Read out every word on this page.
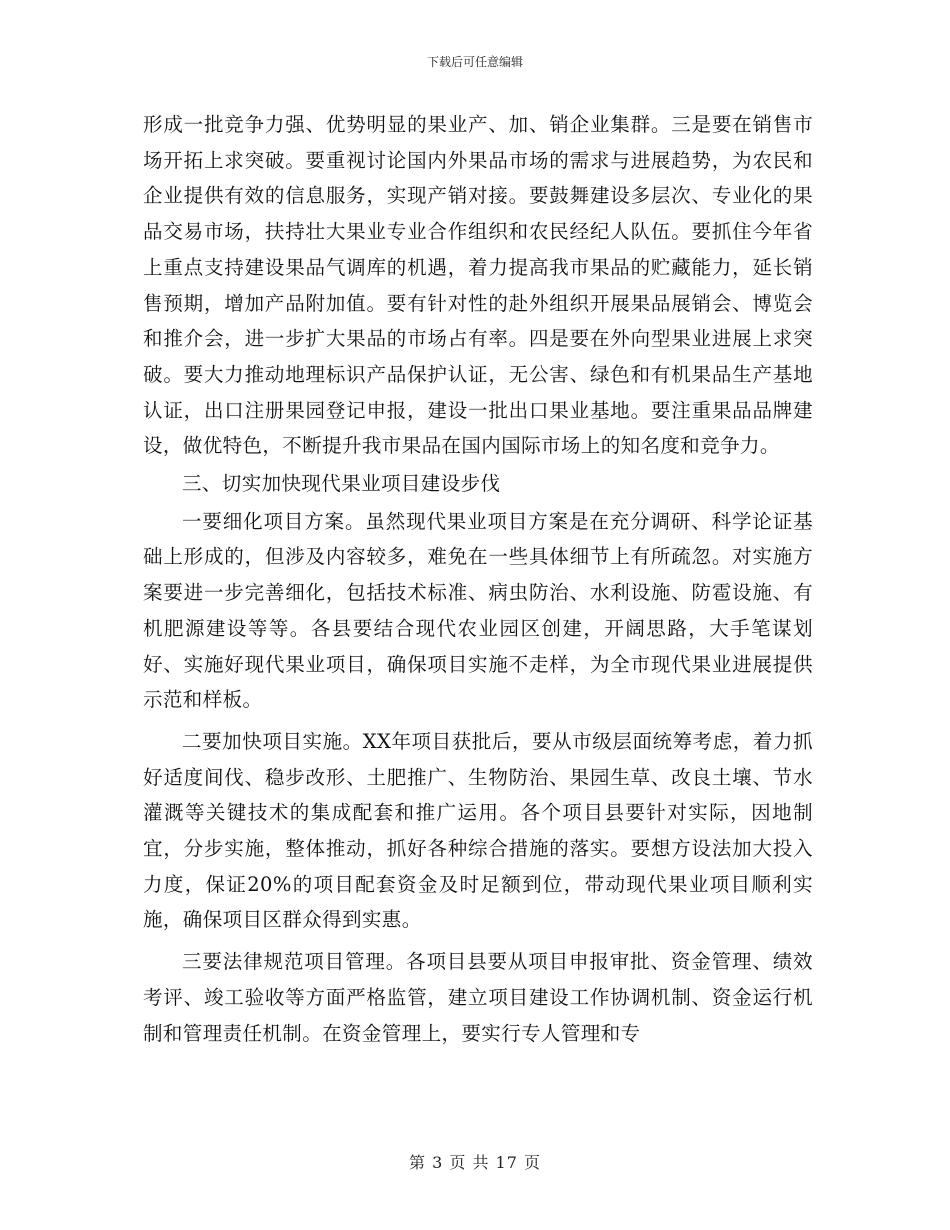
下载后可任意编辑

形成一批竞争力强、优势明显的果业产、加、销企业集群。三是要在销售市场开拓上求突破。要重视讨论国内外果品市场的需求与进展趋势，为农民和企业提供有效的信息服务，实现产销对接。要鼓舞建设多层次、专业化的果品交易市场，扶持壮大果业专业合作组织和农民经纪人队伍。要抓住今年省上重点支持建设果品气调库的机遇，着力提高我市果品的贮藏能力，延长销售预期，增加产品附加值。要有针对性的赴外组织开展果品展销会、博览会和推介会，进一步扩大果品的市场占有率。四是要在外向型果业进展上求突破。要大力推动地理标识产品保护认证，无公害、绿色和有机果品生产基地认证，出口注册果园登记申报，建设一批出口果业基地。要注重果品品牌建设，做优特色，不断提升我市果品在国内国际市场上的知名度和竞争力。

三、切实加快现代果业项目建设步伐

一要细化项目方案。虽然现代果业项目方案是在充分调研、科学论证基础上形成的，但涉及内容较多，难免在一些具体细节上有所疏忽。对实施方案要进一步完善细化，包括技术标准、病虫防治、水利设施、防雹设施、有机肥源建设等等。各县要结合现代农业园区创建，开阔思路，大手笔谋划好、实施好现代果业项目，确保项目实施不走样，为全市现代果业进展提供示范和样板。

二要加快项目实施。XX年项目获批后，要从市级层面统筹考虑，着力抓好适度间伐、稳步改形、土肥推广、生物防治、果园生草、改良土壤、节水灌溉等关键技术的集成配套和推广运用。各个项目县要针对实际，因地制宜，分步实施，整体推动，抓好各种综合措施的落实。要想方设法加大投入力度，保证20%的项目配套资金及时足额到位，带动现代果业项目顺利实施，确保项目区群众得到实惠。

三要法律规范项目管理。各项目县要从项目申报审批、资金管理、绩效考评、竣工验收等方面严格监管，建立项目建设工作协调机制、资金运行机制和管理责任机制。在资金管理上，要实行专人管理和专

第 3 页 共 17 页
